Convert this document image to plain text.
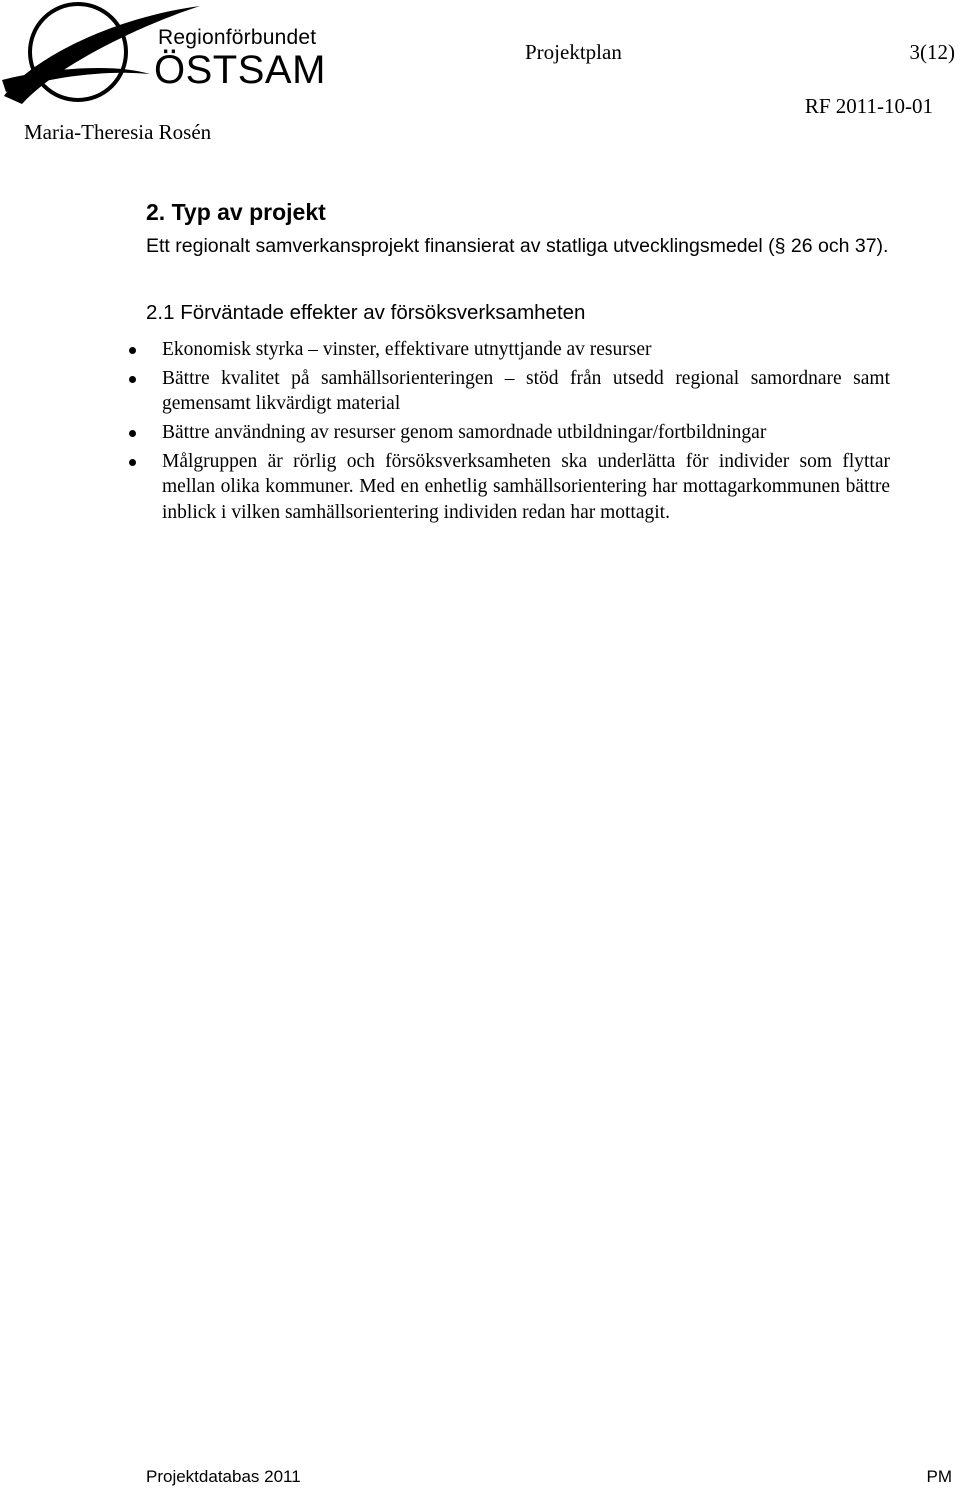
Regionförbundet
ÖSTSAM	Projektplan	3(12)
RF 2011-10-01
Maria-Theresia Rosén
2. Typ av projekt

Ett regionalt samverkansprojekt finansierat av statliga utvecklingsmedel (§ 26 och 37).

2.1 Förväntade effekter av försöksverksamheten
Ekonomisk styrka – vinster, effektivare utnyttjande av resurser
Bättre kvalitet på samhällsorienteringen – stöd från utsedd regional samordnare samt gemensamt likvärdigt material
Bättre användning av resurser genom samordnade utbildningar/fortbildningar
Målgruppen är rörlig och försöksverksamheten ska underlätta för individer som flyttar mellan olika kommuner. Med en enhetlig samhällsorientering har mottagarkommunen bättre inblick i vilken samhällsorientering individen redan har mottagit.
Projektdatabas 2011	PM
